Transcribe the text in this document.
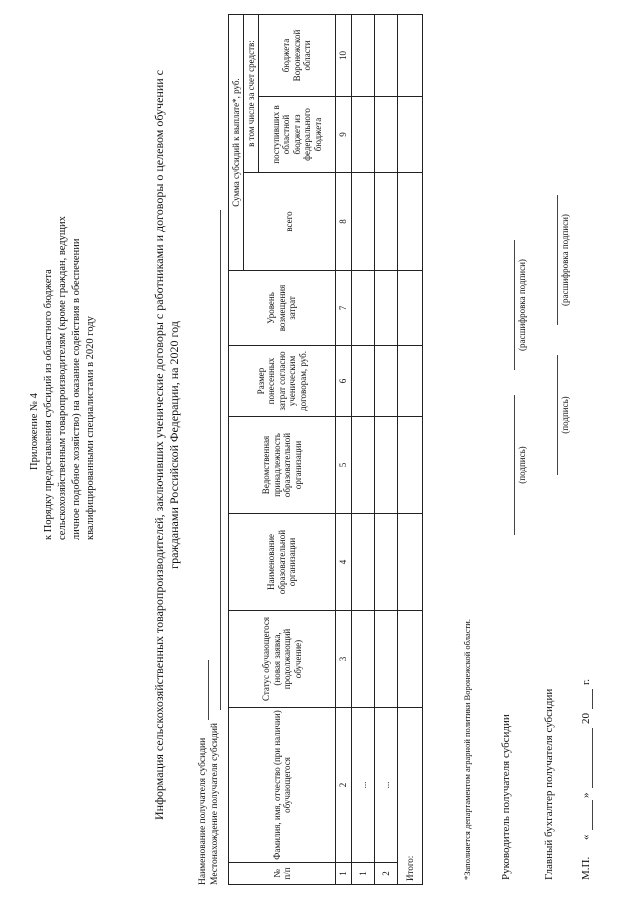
Приложение № 4 к Порядку предоставления субсидий из областного бюджета сельскохозяйственным товаропроизводителям (кроме граждан, ведущих личное подобное хозяйство) на оказание содействия в обеспечении квалифицированными специалистами в 2020 году	Информация сельскохозяйственных товаропроизводителей, заключивших ученические договоры с работниками и договоры о целевом обучении с гражданами Российской Федерации, на 2020 год
Наименование получателя субсидии Местонахождение получателя субсидий	№ п/п	Фамилия, имя, отчество (при наличии) обучающегося	Статус обучающегося (новая заявка, продолжающий обучение)	Наименование образовательной организации	Ведомственная принадлежность образовательной организации	Размер понесенных затрат согласно ученическим договорам, руб.	Уровень возмещения затрат	Сумма субсидий к выплате*, руб.		
							всего	в том числе за счет средств:	
								поступивших в областной бюджет из федерального бюджета	бюджета Воронежской области
1	2	3	4	5	6	7	8	9	10
1	...								
2	...								
Итого:										*Заполняется департаментом аграрной политики Воронежской области.	Руководитель получателя субсидии
(подпись)
(расшифровка подписи)
Главный бухгалтер получателя субсидии
(подпись)
(расшифровка подписи)
М.П.
«
»
20
г.
